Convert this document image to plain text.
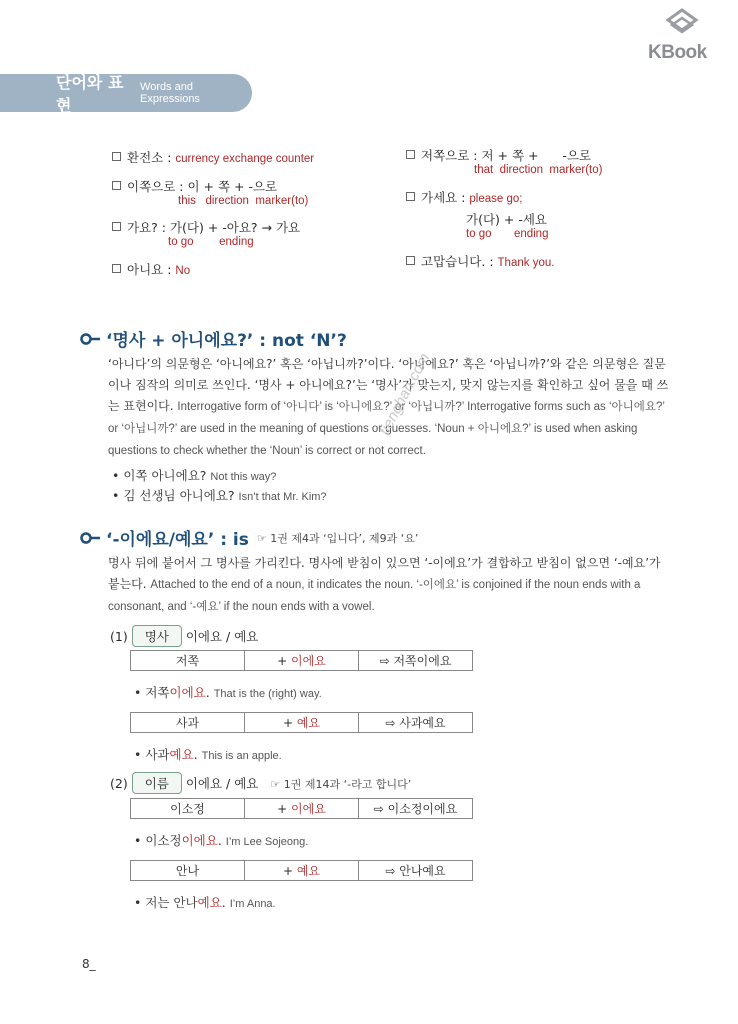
KBook
단어와 표현
Words and Expressions
환전소 : currency exchange counter
이쪽으로 : 이 + 쪽 + -으로
this   direction  marker(to)
가요? : 가(다) + -아요? → 가요
to go        ending
아니요 : No
저쪽으로 : 저 + 쪽 +      -으로
that  direction  marker(to)
가세요 : please go;
가(다) + -세요
to go       ending
고맙습니다. : Thank you.
‘명사 + 아니에요?’ : not ‘N’?
‘아니다’의 의문형은 ‘아니에요?’ 혹은 ‘아닙니까?’이다. ‘아니에요?’ 혹은 ‘아닙니까?’와 같은 의문형은 질문이나 짐작의 의미로 쓰인다. ‘명사 + 아니에요?’는 ‘명사’가 맞는지, 맞지 않는지를 확인하고 싶어 물을 때 쓰는 표현이다. Interrogative form of ‘아니다’ is ‘아니에요?’ or ‘아닙니까?’ Interrogative forms such as ‘아니에요?’ or ‘아닙니까?’ are used in the meaning of questions or guesses. ‘Noun + 아니에요?’ is used when asking questions to check whether the ‘Noun’ is correct or not correct.
• 이쪽 아니에요? Not this way?
• 김 선생님 아니에요? Isn’t that Mr. Kim?
‘-이에요/예요’ : is ☞ 1권 제4과 ‘입니다’, 제9과 ‘요’
명사 뒤에 붙어서 그 명사를 가리킨다. 명사에 받침이 있으면 ‘-이에요’가 결합하고 받침이 없으면 ‘-예요’가 붙는다. Attached to the end of a noun, it indicates the noun. ‘-이에요’ is conjoined if the noun ends with a consonant, and ‘-예요’ if the noun ends with a vowel.
(1) 명사 이에요 / 예요
저쪽	+ 이에요	⇨ 저쪽이에요
• 저쪽이에요. That is the (right) way.
사과	+ 예요	⇨ 사과예요
• 사과예요. This is an apple.
(2) 이름 이에요 / 예요 ☞ 1권 제14과 ‘-라고 합니다’
이소정	+ 이에요	⇨ 이소정이에요
• 이소정이에요. I’m Lee Sojeong.
안나	+ 예요	⇨ 안나예요
• 저는 안나예요. I’m Anna.
tienghan.com
8_
